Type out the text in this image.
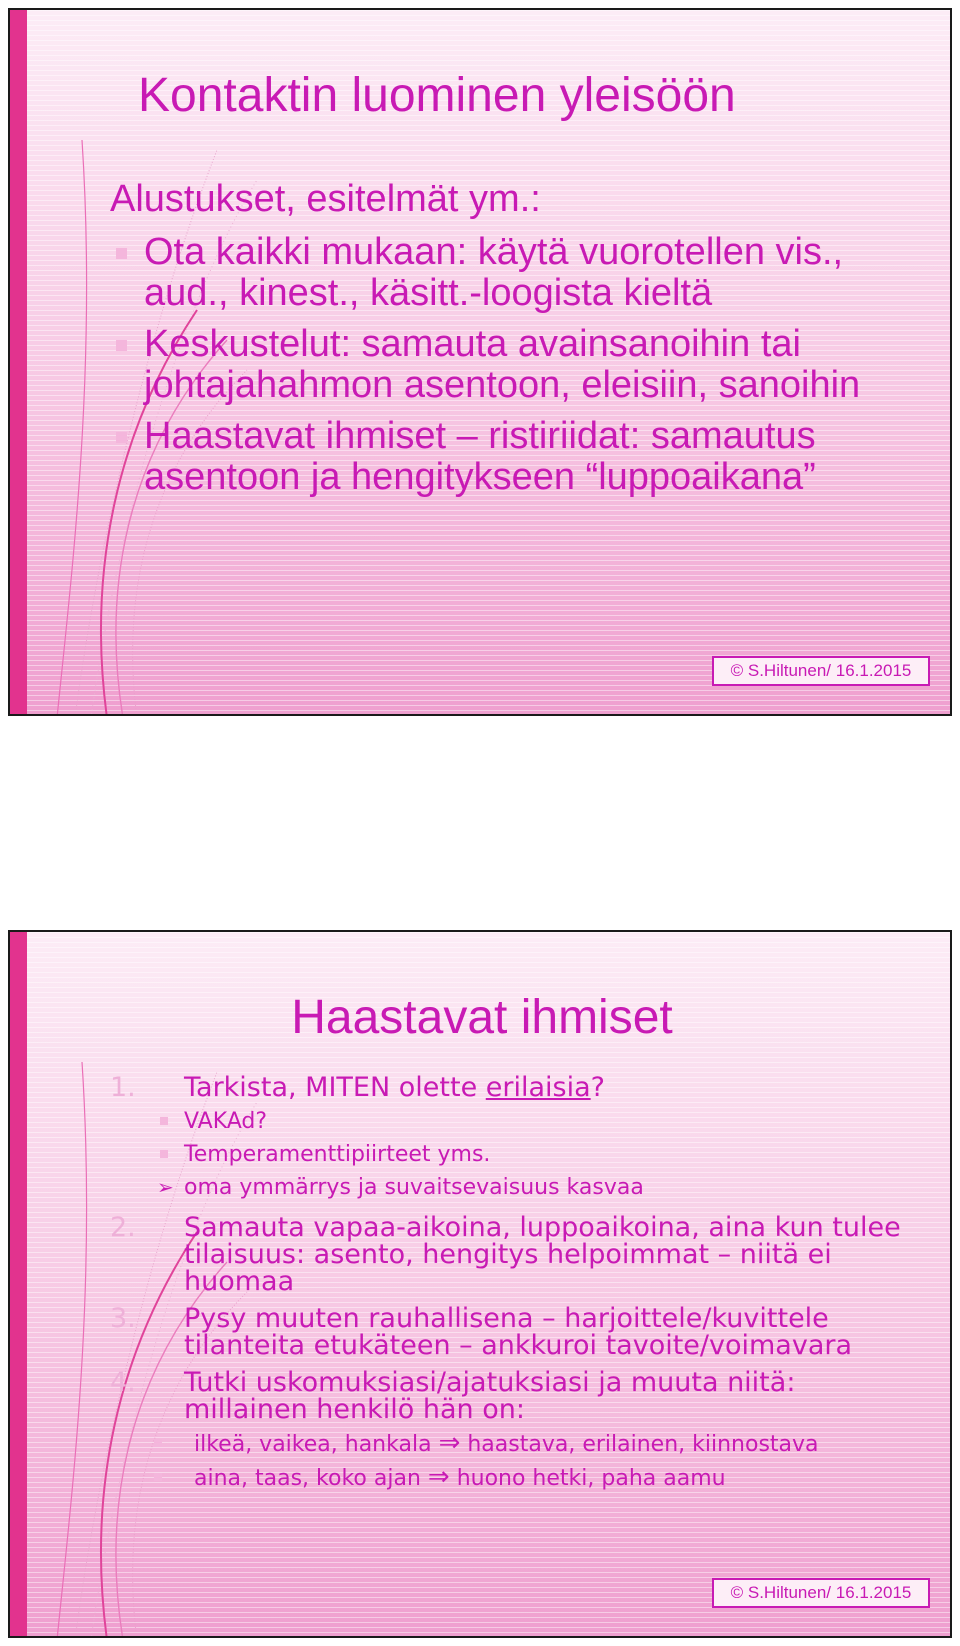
Kontaktin luominen yleisöön
Alustukset, esitelmät ym.:
Ota kaikki mukaan: käytä vuorotellen vis., aud., kinest., käsitt.-loogista kieltä
Keskustelut: samauta avainsanoihin tai johtajahahmon asentoon, eleisiin, sanoihin
Haastavat ihmiset – ristiriidat: samautus asentoon ja hengitykseen “luppoaikana”
© S.Hiltunen/ 16.1.2015
Haastavat ihmiset
1. Tarkista, MITEN olette erilaisia?
VAKAd?
Temperamenttipiirteet yms.
➢ oma ymmärrys ja suvaitsevaisuus kasvaa
2. Samauta vapaa-aikoina, luppoaikoina, aina kun tulee tilaisuus: asento, hengitys helpoimmat – niitä ei huomaa
3. Pysy muuten rauhallisena – harjoittele/kuvittele tilanteita etukäteen – ankkuroi tavoite/voimavara
4. Tutki uskomuksiasi/ajatuksiasi ja muuta niitä: millainen henkilö hän on:
ilkeä, vaikea, hankala ⇒ haastava, erilainen, kiinnostava
aina, taas, koko ajan ⇒ huono hetki, paha aamu
© S.Hiltunen/ 16.1.2015
